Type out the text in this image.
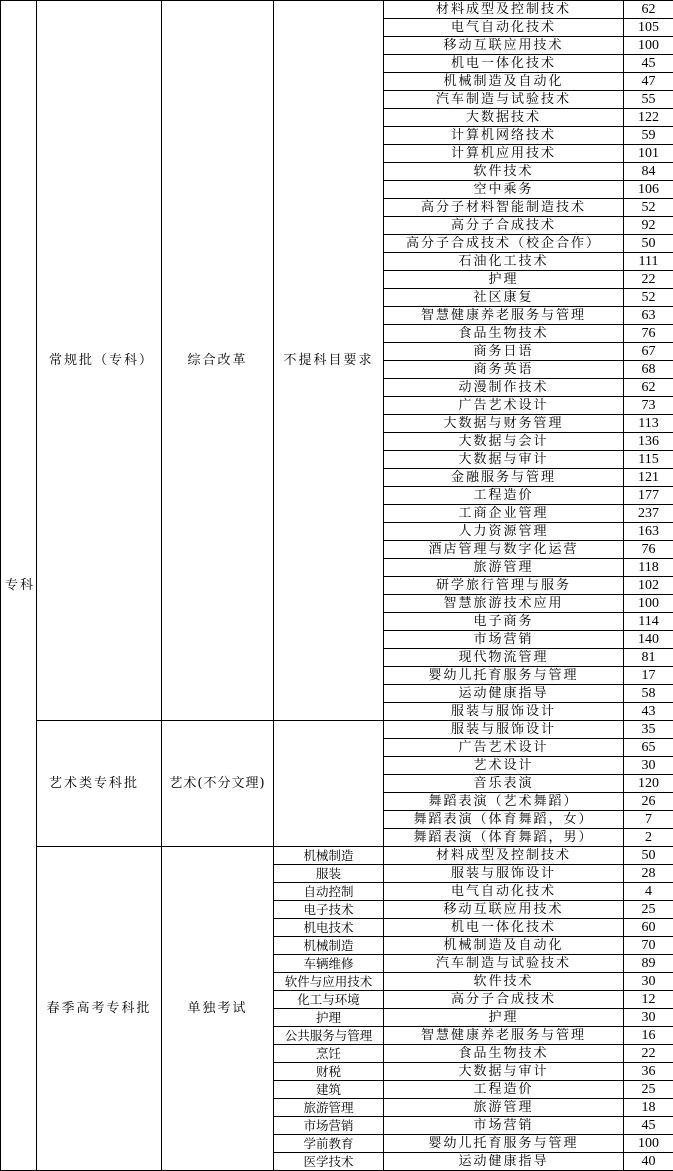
专科	常规批（专科）	综合改革	不提科目要求	材料成型及控制技术	62
				电气自动化技术	105
				移动互联应用技术	100
				机电一体化技术	45
				机械制造及自动化	47
				汽车制造与试验技术	55
				大数据技术	122
				计算机网络技术	59
				计算机应用技术	101
				软件技术	84
				空中乘务	106
				高分子材料智能制造技术	52
				高分子合成技术	92
				高分子合成技术（校企合作）	50
				石油化工技术	111
				护理	22
				社区康复	52
				智慧健康养老服务与管理	63
				食品生物技术	76
				商务日语	67
				商务英语	68
				动漫制作技术	62
				广告艺术设计	73
				大数据与财务管理	113
				大数据与会计	136
				大数据与审计	115
				金融服务与管理	121
				工程造价	177
				工商企业管理	237
				人力资源管理	163
				酒店管理与数字化运营	76
				旅游管理	118
				研学旅行管理与服务	102
				智慧旅游技术应用	100
				电子商务	114
				市场营销	140
				现代物流管理	81
				婴幼儿托育服务与管理	17
				运动健康指导	58
				服装与服饰设计	43
	艺术类专科批	艺术(不分文理)		服装与服饰设计	35
				广告艺术设计	65
				艺术设计	30
				音乐表演	120
				舞蹈表演（艺术舞蹈）	26
				舞蹈表演（体育舞蹈，女）	7
				舞蹈表演（体育舞蹈，男）	2
	春季高考专科批	单独考试	机械制造	材料成型及控制技术	50
			服装	服装与服饰设计	28
			自动控制	电气自动化技术	4
			电子技术	移动互联应用技术	25
			机电技术	机电一体化技术	60
			机械制造	机械制造及自动化	70
			车辆维修	汽车制造与试验技术	89
			软件与应用技术	软件技术	30
			化工与环境	高分子合成技术	12
			护理	护理	30
			公共服务与管理	智慧健康养老服务与管理	16
			烹饪	食品生物技术	22
			财税	大数据与审计	36
			建筑	工程造价	25
			旅游管理	旅游管理	18
			市场营销	市场营销	45
			学前教育	婴幼儿托育服务与管理	100
			医学技术	运动健康指导	40
